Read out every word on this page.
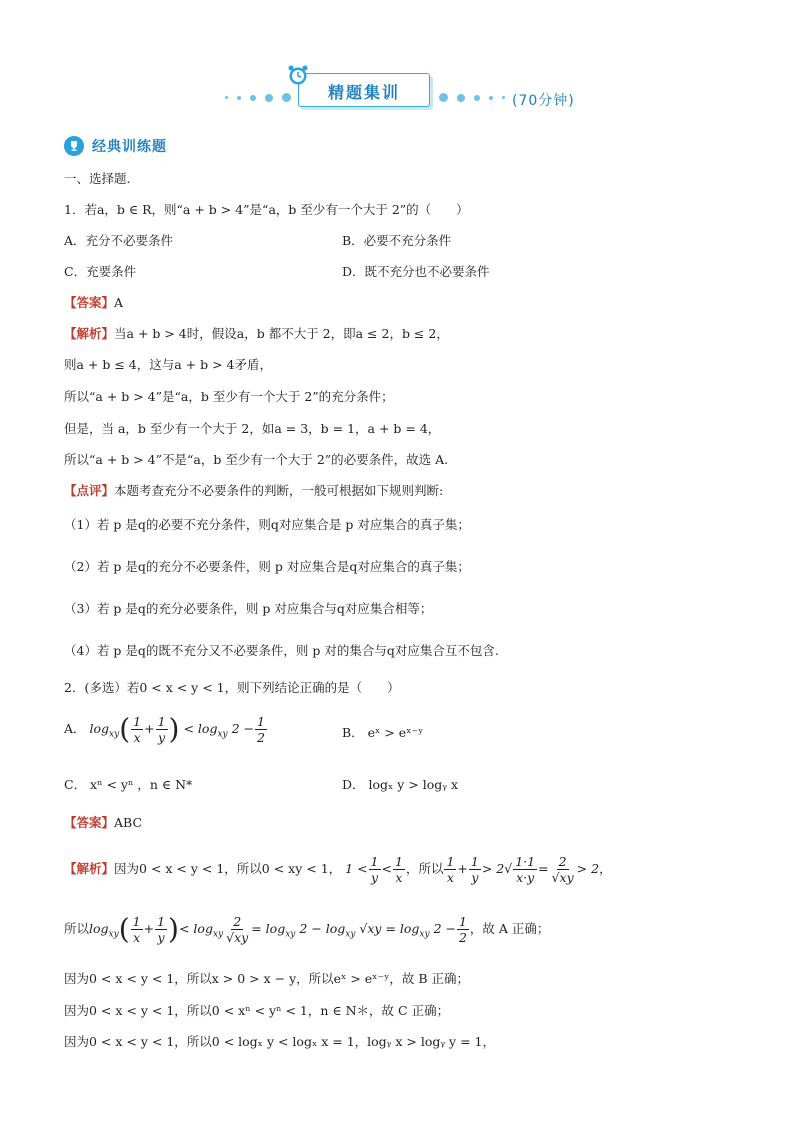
精题集训	(70分钟)
经典训练题
一、选择题.
1．若a，b ∈ R，则“a + b > 4”是“a，b 至少有一个大于 2”的（　　）
A．充分不必要条件	B．必要不充分条件
C．充要条件	D．既不充分也不必要条件
【答案】A
【解析】当a + b > 4时，假设a，b 都不大于 2，即a ≤ 2，b ≤ 2，
则a + b ≤ 4，这与a + b > 4矛盾，
所以“a + b > 4”是“a，b 至少有一个大于 2”的充分条件；
但是，当 a，b 至少有一个大于 2，如a = 3，b = 1，a + b = 4，
所以“a + b > 4”不是“a，b 至少有一个大于 2”的必要条件，故选 A.
【点评】本题考查充分不必要条件的判断，一般可根据如下规则判断:
（1）若 p 是q的必要不充分条件，则q对应集合是 p 对应集合的真子集；
（2）若 p 是q的充分不必要条件，则 p 对应集合是q对应集合的真子集；
（3）若 p 是q的充分必要条件，则 p 对应集合与q对应集合相等；
（4）若 p 是q的既不充分又不必要条件，则 p 对的集合与q对应集合互不包含.
2．(多选）若0 < x < y < 1，则下列结论正确的是（　　）
A． $\log_{xy}( \frac{1}{x} + \frac{1}{y}$ ) < $\log_{xy} 2 - \frac{1}{2}$	B． eˣ > eˣ⁻ʸ
C． xⁿ < yⁿ ，n ∈ N*	D． logₓ y > logᵧ x
【答案】ABC
【解析】因为0 < x < y < 1，所以0 < xy < 1， $1 < \frac{1}{y} < \frac{1}{x}$ ，所以 $\frac{1}{x} + \frac{1}{y} > 2√ \frac{1\cdot 1}{x\cdot y} = \frac{2}{√xy} > 2$，
所以$\log_{xy}( \frac{1}{x} + \frac{1}{y}$ )< $\log_{xy} \frac{2}{√xy} = \log_{xy} 2 - \log_{xy} √xy = \log_{xy} 2 - \frac{1}{2}$ ，故 A 正确；
因为0 < x < y < 1，所以x > 0 > x − y，所以eˣ > eˣ⁻ʸ，故 B 正确；
因为0 < x < y < 1，所以0 < xⁿ < yⁿ < 1，n ∈ N＊，故 C 正确；
因为0 < x < y < 1，所以0 < logₓ y < logₓ x = 1，logᵧ x > logᵧ y = 1，
